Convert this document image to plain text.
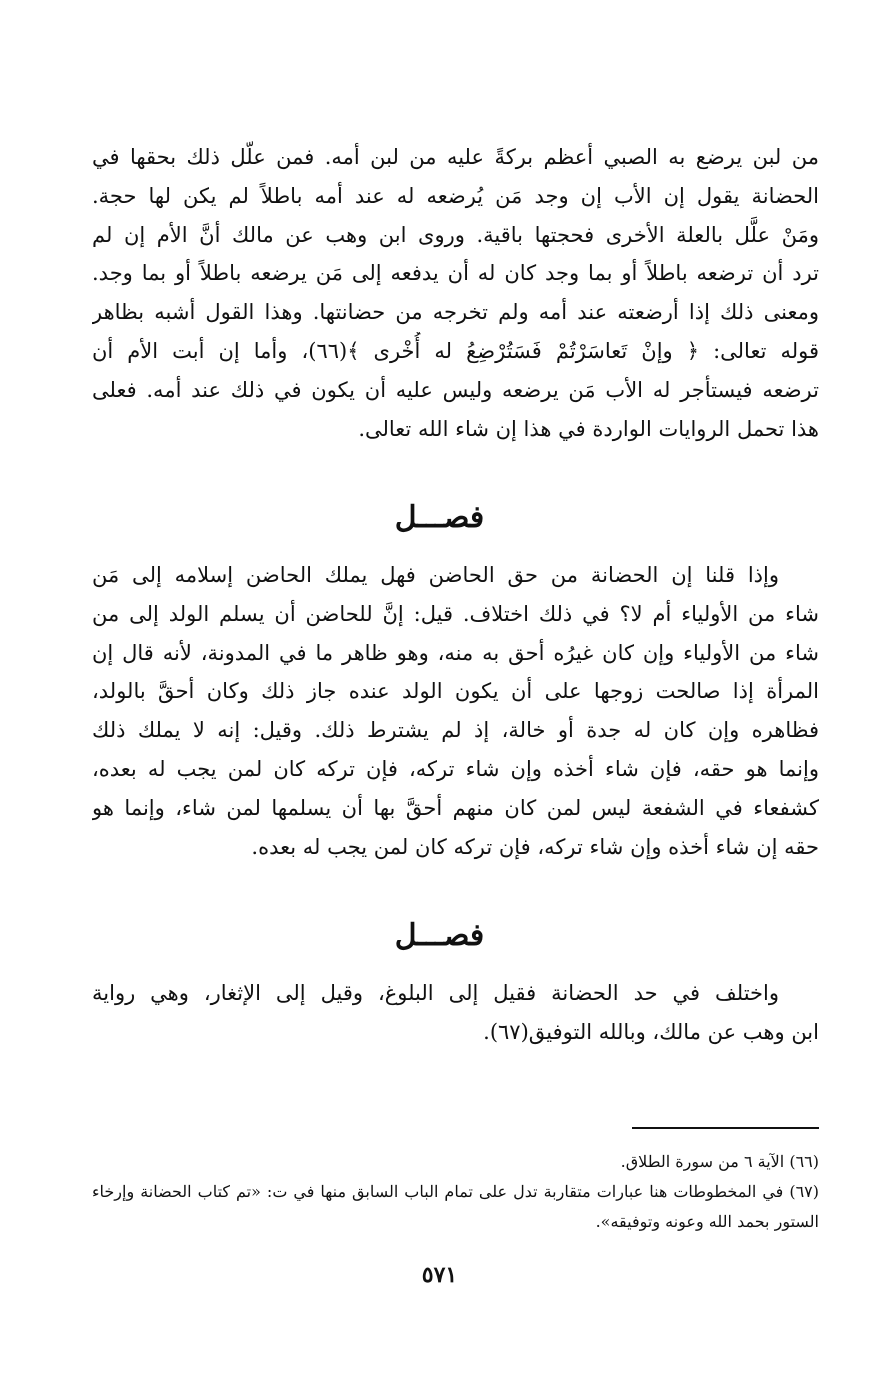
من لبن يرضع به الصبي أعظم بركةً عليه من لبن أمه. فمن علّل ذلك بحقها في
الحضانة يقول إن الأب إن وجد مَن يُرضعه له عند أمه باطلاً لم يكن لها حجة.
ومَنْ علَّل بالعلة الأخرى فحجتها باقية. وروى ابن وهب عن مالك أنَّ الأم إن لم
ترد أن ترضعه باطلاً أو بما وجد كان له أن يدفعه إلى مَن يرضعه باطلاً أو بما وجد.
ومعنى ذلك إذا أرضعته عند أمه ولم تخرجه من حضانتها. وهذا القول أشبه بظاهر
قوله تعالى: ﴿ وإنْ تَعاسَرْتُمْ فَسَتُرْضِعُ له أُخْرى ﴾(٦٦)، وأما إن أبت الأم أن
ترضعه فيستأجر له الأب مَن يرضعه وليس عليه أن يكون في ذلك عند أمه. فعلى
هذا تحمل الروايات الواردة في هذا إن شاء الله تعالى.
فصـــل
وإذا قلنا إن الحضانة من حق الحاضن فهل يملك الحاضن إسلامه إلى مَن
شاء من الأولياء أم لا؟ في ذلك اختلاف. قيل: إنَّ للحاضن أن يسلم الولد إلى من
شاء من الأولياء وإن كان غيرُه أحق به منه، وهو ظاهر ما في المدونة، لأنه قال إن
المرأة إذا صالحت زوجها على أن يكون الولد عنده جاز ذلك وكان أحقَّ بالولد،
فظاهره وإن كان له جدة أو خالة، إذ لم يشترط ذلك. وقيل: إنه لا يملك ذلك
وإنما هو حقه، فإن شاء أخذه وإن شاء تركه، فإن تركه كان لمن يجب له بعده،
كشفعاء في الشفعة ليس لمن كان منهم أحقَّ بها أن يسلمها لمن شاء، وإنما هو
حقه إن شاء أخذه وإن شاء تركه، فإن تركه كان لمن يجب له بعده.
فصـــل
واختلف في حد الحضانة فقيل إلى البلوغ، وقيل إلى الإثغار، وهي رواية
ابن وهب عن مالك، وبالله التوفيق(٦٧).
(٦٦) الآية ٦ من سورة الطلاق.
(٦٧) في المخطوطات هنا عبارات متقاربة تدل على تمام الباب السابق منها في ت: «تم كتاب الحضانة وإرخاء الستور بحمد الله وعونه وتوفيقه».
٥٧١
